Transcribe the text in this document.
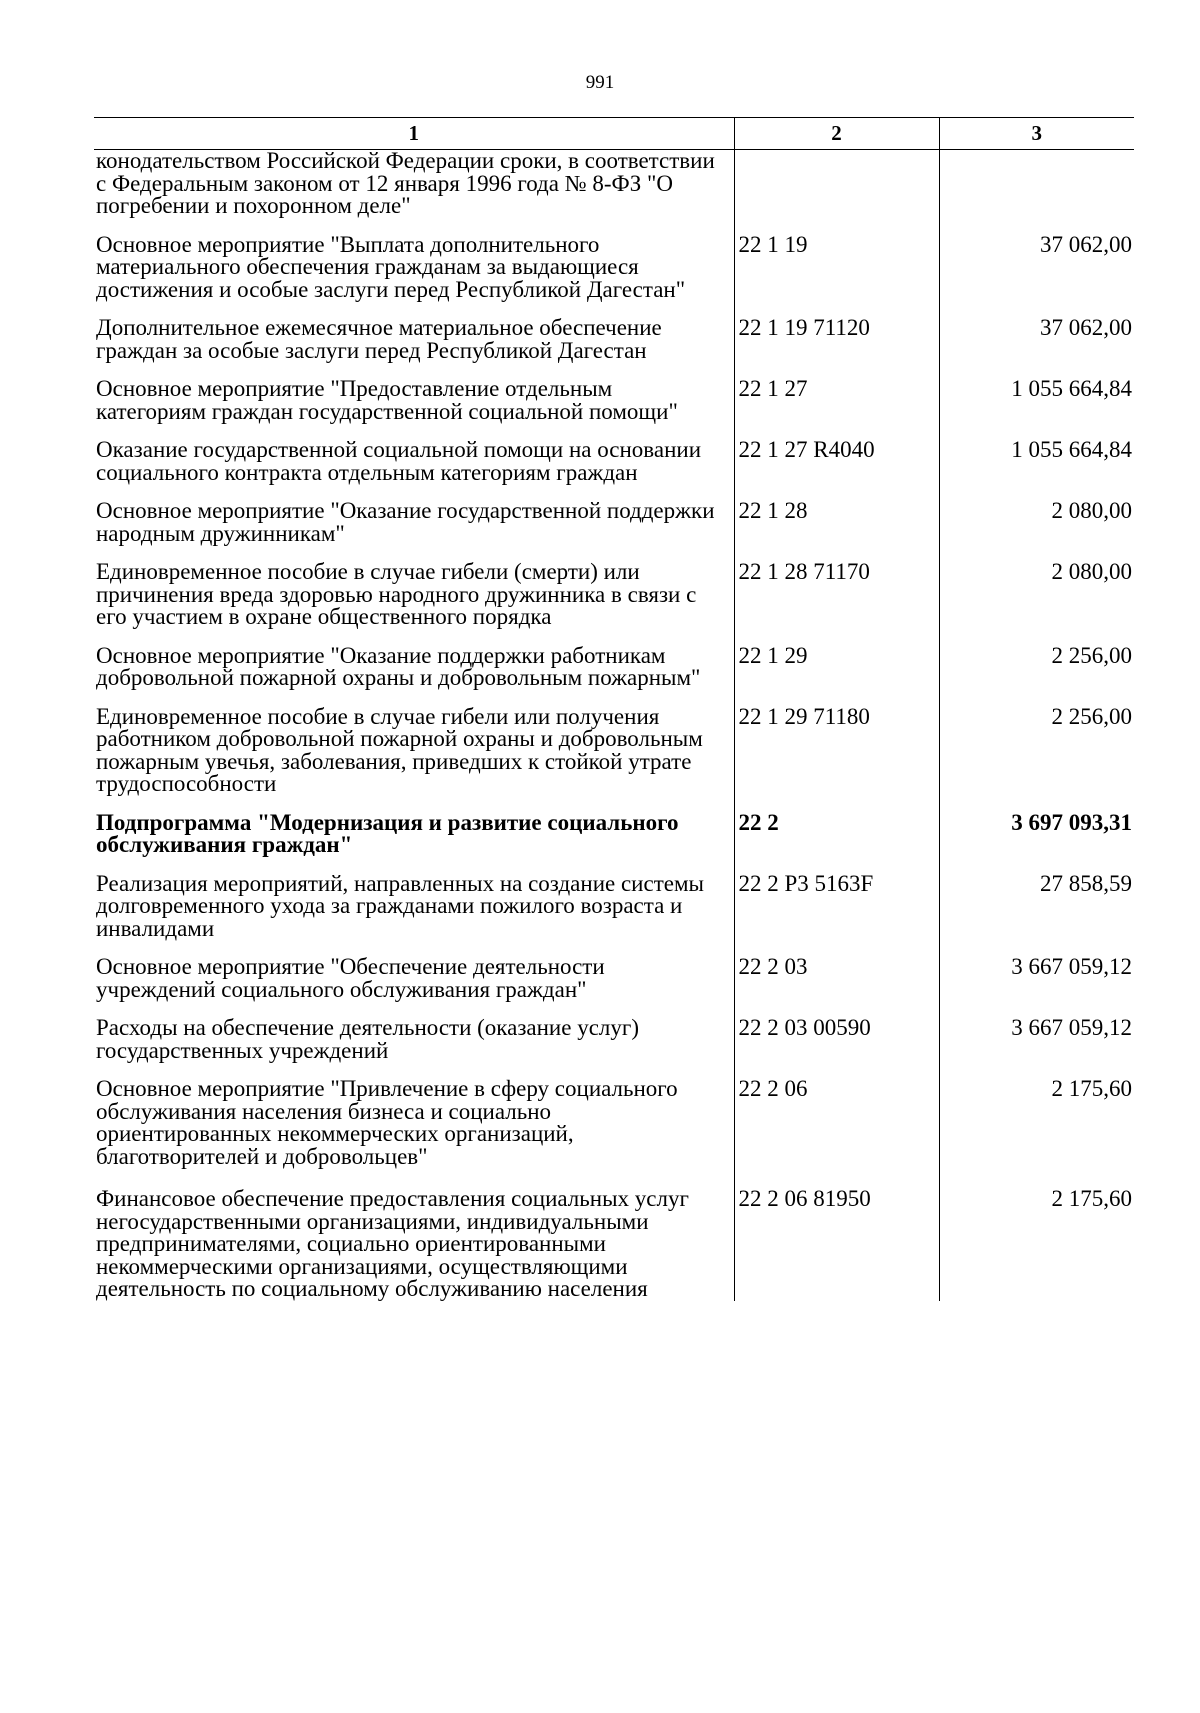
991
1	2	3
конодательством Российской Федерации сроки, в соответствии с Федеральным законом от 12 января 1996 года № 8-ФЗ "О погребении и похоронном деле"		
Основное мероприятие "Выплата дополнительного материального обеспечения гражданам за выдающиеся достижения и особые заслуги перед Республикой Дагестан"	22 1 19	37 062,00
Дополнительное ежемесячное материальное обеспечение граждан за особые заслуги перед Республикой Дагестан	22 1 19 71120	37 062,00
Основное мероприятие "Предоставление отдельным категориям граждан государственной социальной помощи"	22 1 27	1 055 664,84
Оказание государственной социальной помощи на основании социального контракта отдельным категориям граждан	22 1 27 R4040	1 055 664,84
Основное мероприятие "Оказание государственной поддержки народным дружинникам"	22 1 28	2 080,00
Единовременное пособие в случае гибели (смерти) или причинения вреда здоровью народного дружинника в связи с его участием в охране общественного порядка	22 1 28 71170	2 080,00
Основное мероприятие "Оказание поддержки работникам добровольной пожарной охраны и добровольным пожарным"	22 1 29	2 256,00
Единовременное пособие в случае гибели или получения работником добровольной пожарной охраны и добровольным пожарным увечья, заболевания, приведших к стойкой утрате трудоспособности	22 1 29 71180	2 256,00
Подпрограмма "Модернизация и развитие социального обслуживания граждан"	22 2	3 697 093,31
Реализация мероприятий, направленных на создание системы долговременного ухода за гражданами пожилого возраста и инвалидами	22 2 P3 5163F	27 858,59
Основное мероприятие "Обеспечение деятельности учреждений социального обслуживания граждан"	22 2 03	3 667 059,12
Расходы на обеспечение деятельности (оказание услуг) государственных учреждений	22 2 03 00590	3 667 059,12
Основное мероприятие "Привлечение в сферу социального обслуживания населения бизнеса и социально ориентированных некоммерческих организаций, благотворителей и добровольцев"	22 2 06	2 175,60
Финансовое обеспечение предоставления социальных услуг негосударственными организациями, индивидуальными предпринимателями, социально ориентированными некоммерческими организациями, осуществляющими деятельность по социальному обслуживанию населения	22 2 06 81950	2 175,60
